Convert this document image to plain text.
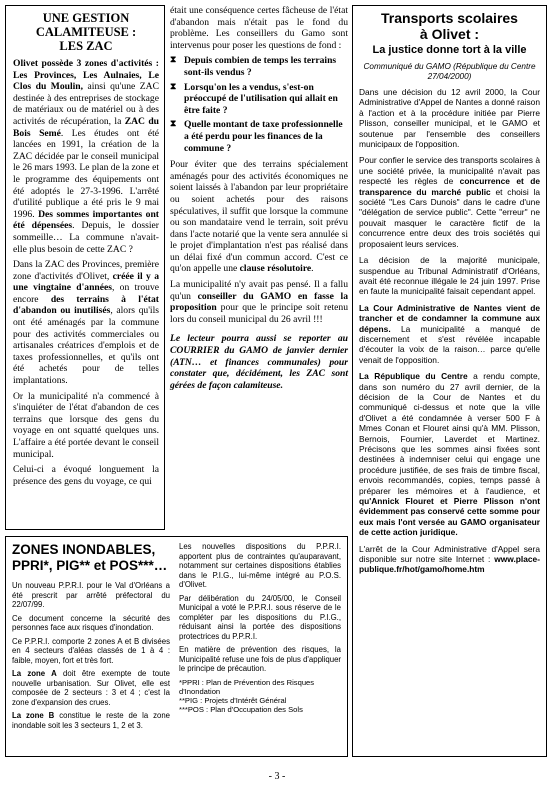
UNE GESTION
CALAMITEUSE :
LES ZAC

Olivet possède 3 zones d'activités : Les Provinces, Les Aulnaies, Le Clos du Moulin, ainsi qu'une ZAC destinée à des entreprises de stockage de matériaux ou de matériel ou à des activités de récupération, la ZAC du Bois Semé. Les études ont été lancées en 1991, la création de la ZAC décidée par le conseil municipal le 26 mars 1993. Le plan de la zone et le programme des équipements ont été adoptés le 27-3-1996. L'arrêté d'utilité publique a été pris le 9 mai 1996. Des sommes importantes ont été dépensées. Depuis, le dossier sommeille… La commune n'avait-elle plus besoin de cette ZAC ?

Dans la ZAC des Provinces, première zone d'activités d'Olivet, créée il y a une vingtaine d'années, on trouve encore des terrains à l'état d'abandon ou inutilisés, alors qu'ils ont été aménagés par la commune pour des activités commerciales ou artisanales créatrices d'emplois et de taxes professionnelles, et qu'ils ont été achetés pour de telles implantations.

Or la municipalité n'a commencé à s'inquiéter de l'état d'abandon de ces terrains que lorsque des gens du voyage en ont squatté quelques uns. L'affaire a été portée devant le conseil municipal.

Celui-ci a évoqué longuement la présence des gens du voyage, ce qui

était une conséquence certes fâcheuse de l'état d'abandon mais n'était pas le fond du problème. Les conseillers du Gamo sont intervenus pour poser les questions de fond :

⧗ Depuis combien de temps les terrains sont-ils vendus ?
⧗ Lorsqu'on les a vendus, s'est-on préoccupé de l'utilisation qui allait en être faite ?
⧗ Quelle montant de taxe professionnelle a été perdu pour les finances de la commune ?

Pour éviter que des terrains spécialement aménagés pour des activités économiques ne soient laissés à l'abandon par leur propriétaire ou soient achetés pour des raisons spéculatives, il suffit que lorsque la commune ou son mandataire vend le terrain, soit prévu dans l'acte notarié que la vente sera annulée si le projet d'implantation n'est pas réalisé dans un délai fixé d'un commun accord. C'est ce qu'on appelle une clause résolutoire.

La municipalité n'y avait pas pensé. Il a fallu qu'un conseiller du GAMO en fasse la proposition pour que le principe soit retenu lors du conseil municipal du 26 avril !!!

Le lecteur pourra aussi se reporter au COURRIER du GAMO de janvier dernier (ATN… et finances communales) pour constater que, décidément, les ZAC sont gérées de façon calamiteuse.

Transports scolaires
à Olivet :
La justice donne tort à la ville
Communiqué du GAMO (République du Centre 27/04/2000)

Dans une décision du 12 avril 2000, la Cour Administrative d'Appel de Nantes a donné raison à l'action et à la procédure initiée par Pierre Plisson, conseiller municipal, et le GAMO et soutenue par l'ensemble des conseillers municipaux de l'opposition.

Pour confier le service des transports scolaires à une société privée, la municipalité n'avait pas respecté les règles de concurrence et de transparence du marché public et choisi la société "Les Cars Dunois" dans le cadre d'une "délégation de service public". Cette "erreur" ne pouvait masquer le caractère fictif de la concurrence entre deux des trois sociétés qui proposaient leurs services.

La décision de la majorité municipale, suspendue au Tribunal Administratif d'Orléans, avait été reconnue illégale le 24 juin 1997. Prise en faute la municipalité faisait cependant appel.

La Cour Administrative de Nantes vient de trancher et de condamner la commune aux dépens. La municipalité a manqué de discernement et s'est révélée incapable d'écouter la voix de la raison… parce qu'elle venait de l'opposition.

La République du Centre a rendu compte, dans son numéro du 27 avril dernier, de la décision de la Cour de Nantes et du communiqué ci-dessus et note que la ville d'Olivet a été condamnée à verser 500 F à Mmes Conan et Flouret ainsi qu'à MM. Plisson, Bernois, Fournier, Laverdet et Martinez. Précisons que les sommes ainsi fixées sont destinées à indemniser celui qui engage une procédure justifiée, de ses frais de timbre fiscal, envois recommandés, copies, temps passé à préparer les mémoires et à l'audience, et qu'Annick Flouret et Pierre Plisson n'ont évidemment pas conservé cette somme pour eux mais l'ont versée au GAMO organisateur de cette action juridique.

L'arrêt de la Cour Administrative d'Appel sera disponible sur notre site Internet : www.place-publique.fr/hot/gamo/home.htm

ZONES INONDABLES, PPRI*, PIG** et POS***…

Un nouveau P.P.R.I. pour le Val d'Orléans a été prescrit par arrêté préfectoral du 22/07/99.

Ce document concerne la sécurité des personnes face aux risques d'inondation.

Ce P.P.R.I. comporte 2 zones A et B divisées en 4 secteurs d'aléas classés de 1 à 4 : faible, moyen, fort et très fort.

La zone A doit être exempte de toute nouvelle urbanisation. Sur Olivet, elle est composée de 2 secteurs : 3 et 4 ; c'est la zone d'expansion des crues.

La zone B constitue le reste de la zone inondable soit les 3 secteurs 1, 2 et 3.

Les nouvelles dispositions du P.P.R.I. apportent plus de contraintes qu'auparavant, notamment sur certaines dispositions établies dans le P.I.G., lui-même intégré au P.O.S. d'Olivet.

Par délibération du 24/05/00, le Conseil Municipal a voté le P.P.R.I. sous réserve de le compléter par les dispositions du P.I.G., réduisant ainsi la portée des dispositions protectrices du P.P.R.I.

En matière de prévention des risques, la Municipalité refuse une fois de plus d'appliquer le principe de précaution.

*PPRI : Plan de Prévention des Risques d'Inondation
**PIG : Projets d'Intérêt Général
***POS : Plan d'Occupation des Sols
- 3 -
